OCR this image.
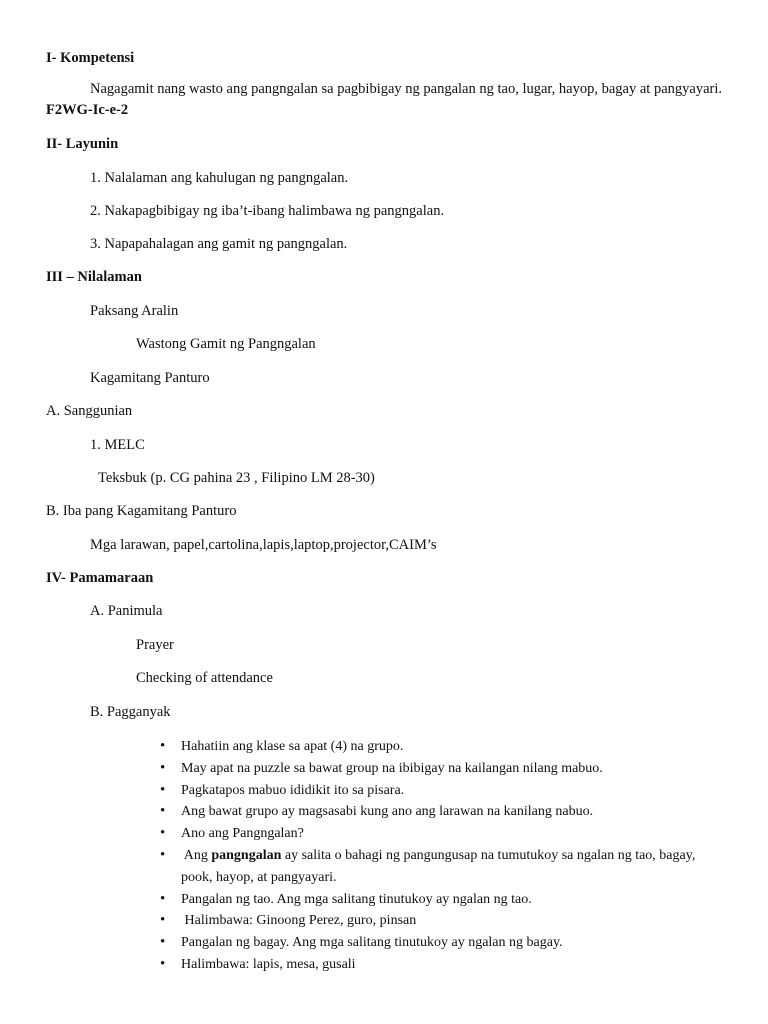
I- Kompetensi
Nagagamit nang wasto ang pangngalan sa pagbibigay ng pangalan ng tao, lugar, hayop, bagay at pangyayari. F2WG-Ic-e-2
II- Layunin
1. Nalalaman ang kahulugan ng pangngalan.
2. Nakapagbibigay ng iba’t-ibang halimbawa ng pangngalan.
3. Napapahalagan ang gamit ng pangngalan.
III – Nilalaman
Paksang Aralin
Wastong Gamit ng Pangngalan
Kagamitang Panturo
A. Sanggunian
1. MELC
Teksbuk (p. CG pahina 23 , Filipino LM 28-30)
B. Iba pang Kagamitang Panturo
Mga larawan, papel,cartolina,lapis,laptop,projector,CAIM’s
IV- Pamamaraan
A. Panimula
Prayer
Checking of attendance
B. Pagganyak
• Hahatiin ang klase sa apat (4) na grupo.
• May apat na puzzle sa bawat group na ibibigay na kailangan nilang mabuo.
• Pagkatapos mabuo ididikit ito sa pisara.
• Ang bawat grupo ay magsasabi kung ano ang larawan na kanilang nabuo.
• Ano ang Pangngalan?
•  Ang pangngalan ay salita o bahagi ng pangungusap na tumutukoy sa ngalan ng tao, bagay, pook, hayop, at pangyayari.
• Pangalan ng tao. Ang mga salitang tinutukoy ay ngalan ng tao.
•  Halimbawa: Ginoong Perez, guro, pinsan
• Pangalan ng bagay. Ang mga salitang tinutukoy ay ngalan ng bagay.
• Halimbawa: lapis, mesa, gusali
